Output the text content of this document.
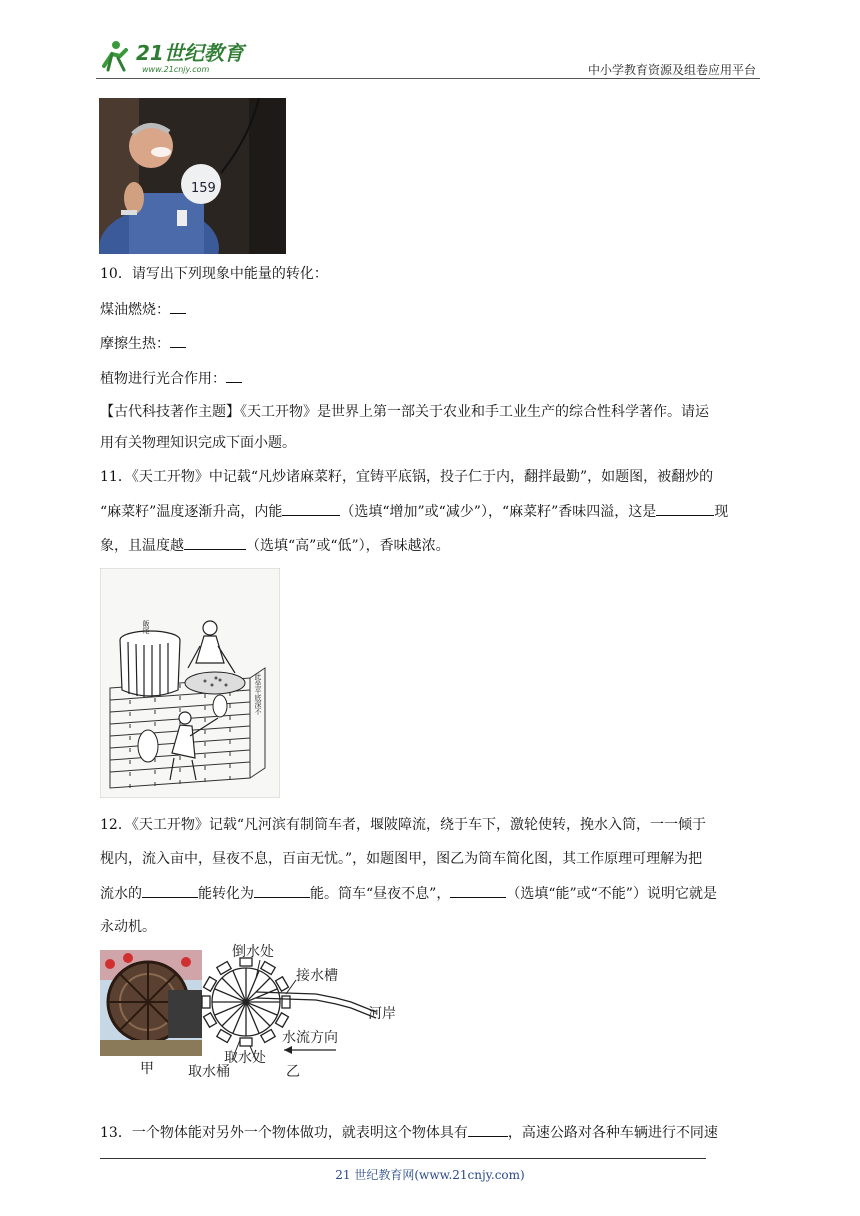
21世纪教育
www.21cnjy.com	中小学教育资源及组卷应用平台
159
10．请写出下列现象中能量的转化：
煤油燃烧：
摩擦生热：
植物进行光合作用：
【古代科技著作主题】《天工开物》是世界上第一部关于农业和手工业生产的综合性科学著作。请运
用有关物理知识完成下面小题。
11．《天工开物》中记载“凡炒诸麻菜籽，宜铸平底锅，投子仁于内，翻拌最勤”，如题图，被翻炒的
“麻菜籽”温度逐渐升高，内能	（选填“增加”或“减少”），“麻菜籽”香味四溢，这是	现
象，且温度越	（选填“高”或“低”），香味越浓。
此坐平底深不
飯尾
12．《天工开物》记载“凡河滨有制筒车者，堰陂障流，绕于车下，激轮使转，挽水入筒，一一倾于
枧内，流入亩中，昼夜不息，百亩无忧。”，如题图甲，图乙为筒车简化图，其工作原理可理解为把
流水的	能转化为	能。筒车“昼夜不息”，	（选填“能”或“不能”）说明它就是
永动机。
甲
倒水处
接水槽
河岸
水流方向
取水处
取水桶	乙
13．一个物体能对另外一个物体做功，就表明这个物体具有	，高速公路对各种车辆进行不同速
21 世纪教育网(www.21cnjy.com)
